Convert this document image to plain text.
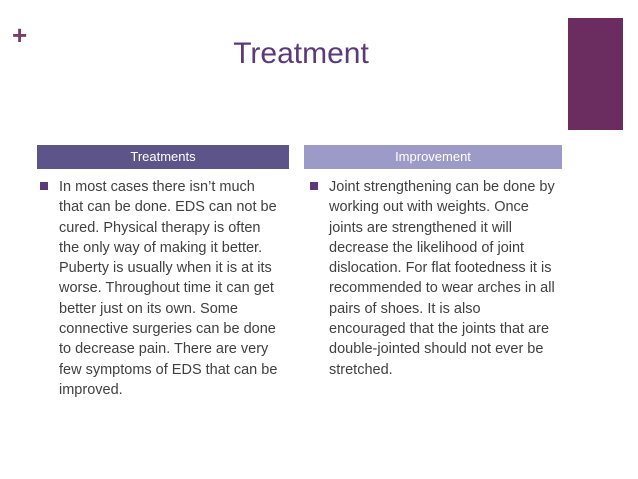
+
Treatment
Treatments	Improvement
In most cases there isn’t much that can be done. EDS can not be cured. Physical therapy is often the only way of making it better. Puberty is usually when it is at its worse. Throughout time it can get better just on its own. Some connective surgeries can be done to decrease pain. There are very few symptoms of EDS that can be improved.
Joint strengthening can be done by working out with weights. Once joints are strengthened it will decrease the likelihood of joint dislocation. For flat footedness it is recommended to wear arches in all pairs of shoes. It is also encouraged that the joints that are double-jointed should not ever be stretched.
